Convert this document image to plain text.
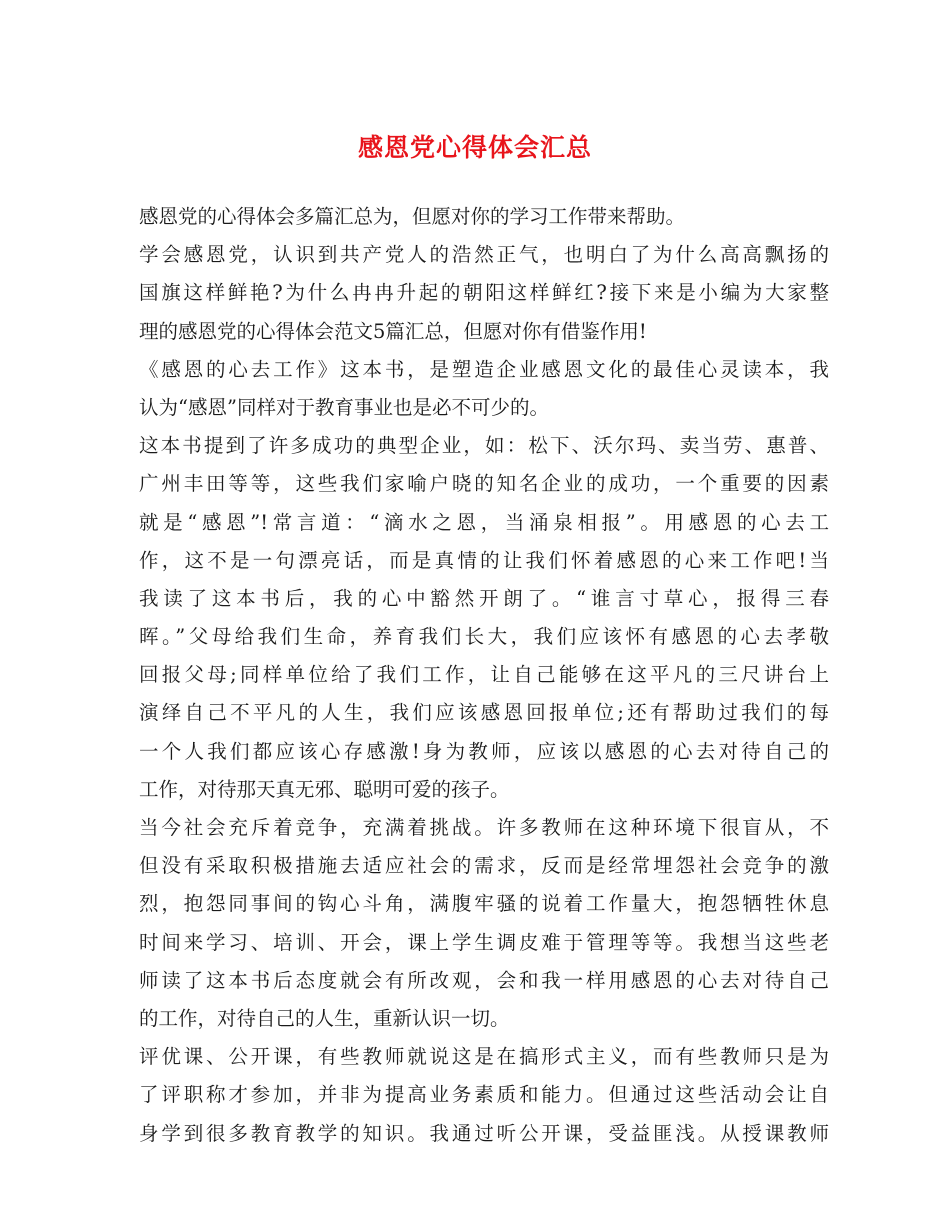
感恩党心得体会汇总
感恩党的心得体会多篇汇总为，但愿对你的学习工作带来帮助。
学会感恩党，认识到共产党人的浩然正气，也明白了为什么高高飘扬的
国旗这样鲜艳?为什么冉冉升起的朝阳这样鲜红?接下来是小编为大家整
理的感恩党的心得体会范文5篇汇总，但愿对你有借鉴作用!
《感恩的心去工作》这本书，是塑造企业感恩文化的最佳心灵读本，我
认为“感恩”同样对于教育事业也是必不可少的。
这本书提到了许多成功的典型企业，如：松下、沃尔玛、卖当劳、惠普、
广州丰田等等，这些我们家喻户晓的知名企业的成功，一个重要的因素
就是“感恩”!常言道：“滴水之恩，当涌泉相报”。用感恩的心去工
作，这不是一句漂亮话，而是真情的让我们怀着感恩的心来工作吧!当
我读了这本书后，我的心中豁然开朗了。“谁言寸草心，报得三春
晖。”父母给我们生命，养育我们长大，我们应该怀有感恩的心去孝敬
回报父母;同样单位给了我们工作，让自己能够在这平凡的三尺讲台上
演绎自己不平凡的人生，我们应该感恩回报单位;还有帮助过我们的每
一个人我们都应该心存感激!身为教师，应该以感恩的心去对待自己的
工作，对待那天真无邪、聪明可爱的孩子。
当今社会充斥着竞争，充满着挑战。许多教师在这种环境下很盲从，不
但没有采取积极措施去适应社会的需求，反而是经常埋怨社会竞争的激
烈，抱怨同事间的钩心斗角，满腹牢骚的说着工作量大，抱怨牺牲休息
时间来学习、培训、开会，课上学生调皮难于管理等等。我想当这些老
师读了这本书后态度就会有所改观，会和我一样用感恩的心去对待自己
的工作，对待自己的人生，重新认识一切。
评优课、公开课，有些教师就说这是在搞形式主义，而有些教师只是为
了评职称才参加，并非为提高业务素质和能力。但通过这些活动会让自
身学到很多教育教学的知识。我通过听公开课，受益匪浅。从授课教师
